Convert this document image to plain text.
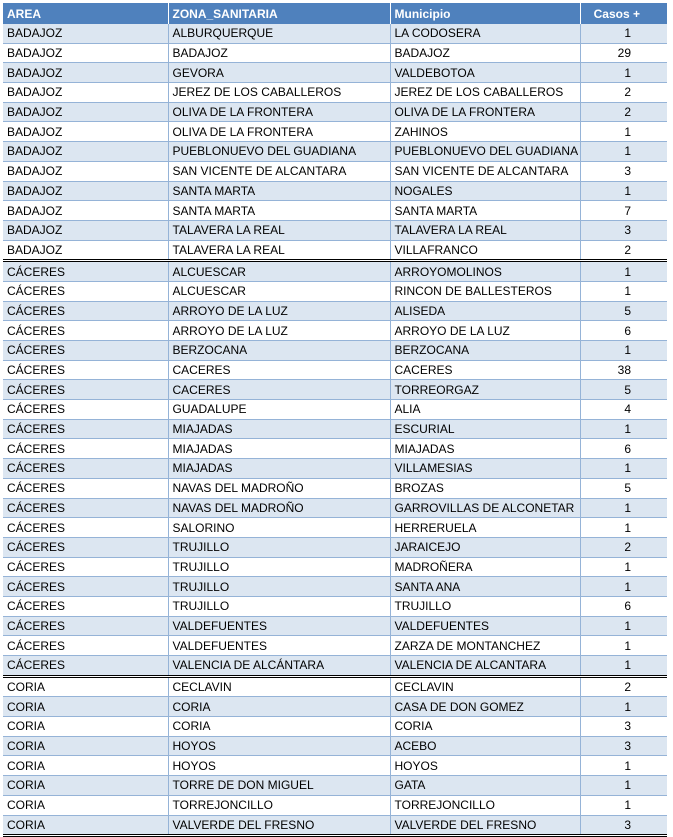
AREA	ZONA_SANITARIA	Municipio	Casos +
BADAJOZ	ALBURQUERQUE	LA CODOSERA	1
BADAJOZ	BADAJOZ	BADAJOZ	29
BADAJOZ	GEVORA	VALDEBOTOA	1
BADAJOZ	JEREZ DE LOS CABALLEROS	JEREZ DE LOS CABALLEROS	2
BADAJOZ	OLIVA DE LA FRONTERA	OLIVA DE LA FRONTERA	2
BADAJOZ	OLIVA DE LA FRONTERA	ZAHINOS	1
BADAJOZ	PUEBLONUEVO DEL GUADIANA	PUEBLONUEVO DEL GUADIANA	1
BADAJOZ	SAN VICENTE DE ALCANTARA	SAN VICENTE DE ALCANTARA	3
BADAJOZ	SANTA MARTA	NOGALES	1
BADAJOZ	SANTA MARTA	SANTA MARTA	7
BADAJOZ	TALAVERA LA REAL	TALAVERA LA REAL	3
BADAJOZ	TALAVERA LA REAL	VILLAFRANCO	2
CÁCERES	ALCUESCAR	ARROYOMOLINOS	1
CÁCERES	ALCUESCAR	RINCON DE BALLESTEROS	1
CÁCERES	ARROYO DE LA LUZ	ALISEDA	5
CÁCERES	ARROYO DE LA LUZ	ARROYO DE LA LUZ	6
CÁCERES	BERZOCANA	BERZOCANA	1
CÁCERES	CACERES	CACERES	38
CÁCERES	CACERES	TORREORGAZ	5
CÁCERES	GUADALUPE	ALIA	4
CÁCERES	MIAJADAS	ESCURIAL	1
CÁCERES	MIAJADAS	MIAJADAS	6
CÁCERES	MIAJADAS	VILLAMESIAS	1
CÁCERES	NAVAS DEL MADROÑO	BROZAS	5
CÁCERES	NAVAS DEL MADROÑO	GARROVILLAS DE ALCONETAR	1
CÁCERES	SALORINO	HERRERUELA	1
CÁCERES	TRUJILLO	JARAICEJO	2
CÁCERES	TRUJILLO	MADROÑERA	1
CÁCERES	TRUJILLO	SANTA ANA	1
CÁCERES	TRUJILLO	TRUJILLO	6
CÁCERES	VALDEFUENTES	VALDEFUENTES	1
CÁCERES	VALDEFUENTES	ZARZA DE MONTANCHEZ	1
CÁCERES	VALENCIA DE ALCÁNTARA	VALENCIA DE ALCANTARA	1
CORIA	CECLAVIN	CECLAVIN	2
CORIA	CORIA	CASA DE DON GOMEZ	1
CORIA	CORIA	CORIA	3
CORIA	HOYOS	ACEBO	3
CORIA	HOYOS	HOYOS	1
CORIA	TORRE DE DON MIGUEL	GATA	1
CORIA	TORREJONCILLO	TORREJONCILLO	1
CORIA	VALVERDE DEL FRESNO	VALVERDE DEL FRESNO	3
